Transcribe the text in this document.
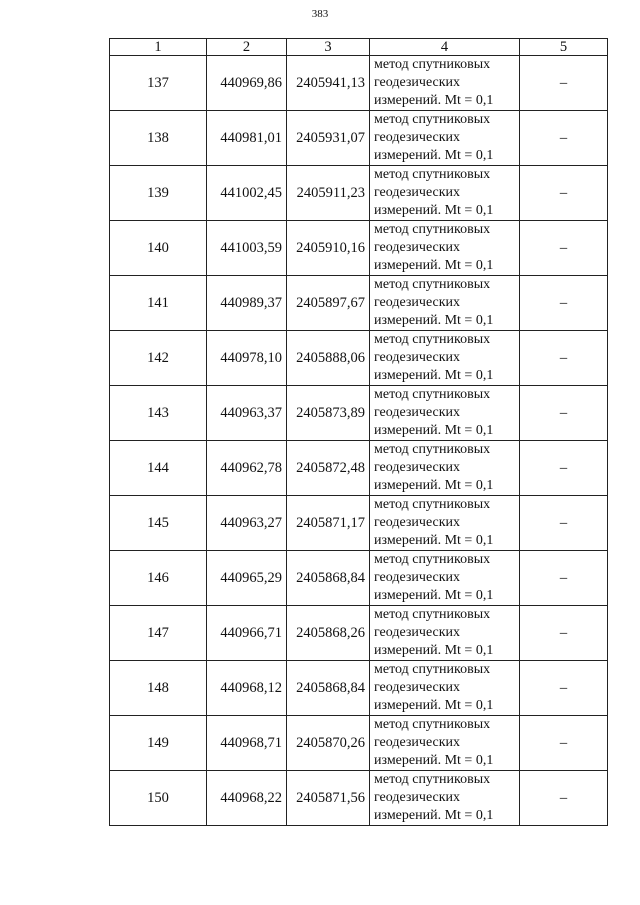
383
1	2	3	4	5
137	440969,86	2405941,13	метод спутниковых
геодезических
измерений. Mt = 0,1	–
138	440981,01	2405931,07	метод спутниковых
геодезических
измерений. Mt = 0,1	–
139	441002,45	2405911,23	метод спутниковых
геодезических
измерений. Mt = 0,1	–
140	441003,59	2405910,16	метод спутниковых
геодезических
измерений. Mt = 0,1	–
141	440989,37	2405897,67	метод спутниковых
геодезических
измерений. Mt = 0,1	–
142	440978,10	2405888,06	метод спутниковых
геодезических
измерений. Mt = 0,1	–
143	440963,37	2405873,89	метод спутниковых
геодезических
измерений. Mt = 0,1	–
144	440962,78	2405872,48	метод спутниковых
геодезических
измерений. Mt = 0,1	–
145	440963,27	2405871,17	метод спутниковых
геодезических
измерений. Mt = 0,1	–
146	440965,29	2405868,84	метод спутниковых
геодезических
измерений. Mt = 0,1	–
147	440966,71	2405868,26	метод спутниковых
геодезических
измерений. Mt = 0,1	–
148	440968,12	2405868,84	метод спутниковых
геодезических
измерений. Mt = 0,1	–
149	440968,71	2405870,26	метод спутниковых
геодезических
измерений. Mt = 0,1	–
150	440968,22	2405871,56	метод спутниковых
геодезических
измерений. Mt = 0,1	–
